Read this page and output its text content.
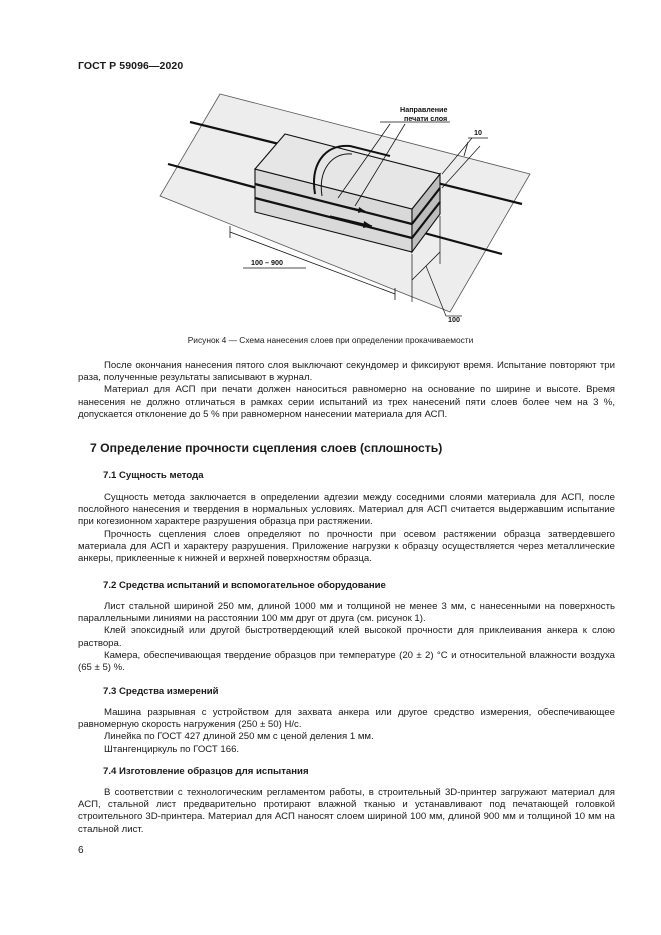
ГОСТ Р 59096—2020
Направление
печати слоя
10
100 – 900
100
Рисунок 4 — Схема нанесения слоев при определении прокачиваемости

После окончания нанесения пятого слоя выключают секундомер и фиксируют время. Испытание повторяют три раза, полученные результаты записывают в журнал.

Материал для АСП при печати должен наноситься равномерно на основание по ширине и высоте. Время нанесения не должно отличаться в рамках серии испытаний из трех нанесений пяти слоев более чем на 3 %, допускается отклонение до 5 % при равномерном нанесении материала для АСП.

7 Определение прочности сцепления слоев (сплошность)
7.1 Сущность метода

Сущность метода заключается в определении адгезии между соседними слоями материала для АСП, после послойного нанесения и твердения в нормальных условиях. Материал для АСП считается выдержавшим испытание при когезионном характере разрушения образца при растяжении.

Прочность сцепления слоев определяют по прочности при осевом растяжении образца затвердевшего материала для АСП и характеру разрушения. Приложение нагрузки к образцу осуществляется через металлические анкеры, приклеенные к нижней и верхней поверхностям образца.

7.2 Средства испытаний и вспомогательное оборудование

Лист стальной шириной 250 мм, длиной 1000 мм и толщиной не менее 3 мм, с нанесенными на поверхность параллельными линиями на расстоянии 100 мм друг от друга (см. рисунок 1).

Клей эпоксидный или другой быстротвердеющий клей высокой прочности для приклеивания анкера к слою раствора.

Камера, обеспечивающая твердение образцов при температуре (20 ± 2) °С и относительной влажности воздуха (65 ± 5) %.

7.3 Средства измерений

Машина разрывная с устройством для захвата анкера или другое средство измерения, обеспечивающее равномерную скорость нагружения (250 ± 50) Н/с.

Линейка по ГОСТ 427 длиной 250 мм с ценой деления 1 мм.

Штангенциркуль по ГОСТ 166.

7.4 Изготовление образцов для испытания

В соответствии с технологическим регламентом работы, в строительный 3D-принтер загружают материал для АСП, стальной лист предварительно протирают влажной тканью и устанавливают под печатающей головкой строительного 3D-принтера. Материал для АСП наносят слоем шириной 100 мм, длиной 900 мм и толщиной 10 мм на стальной лист.

6
